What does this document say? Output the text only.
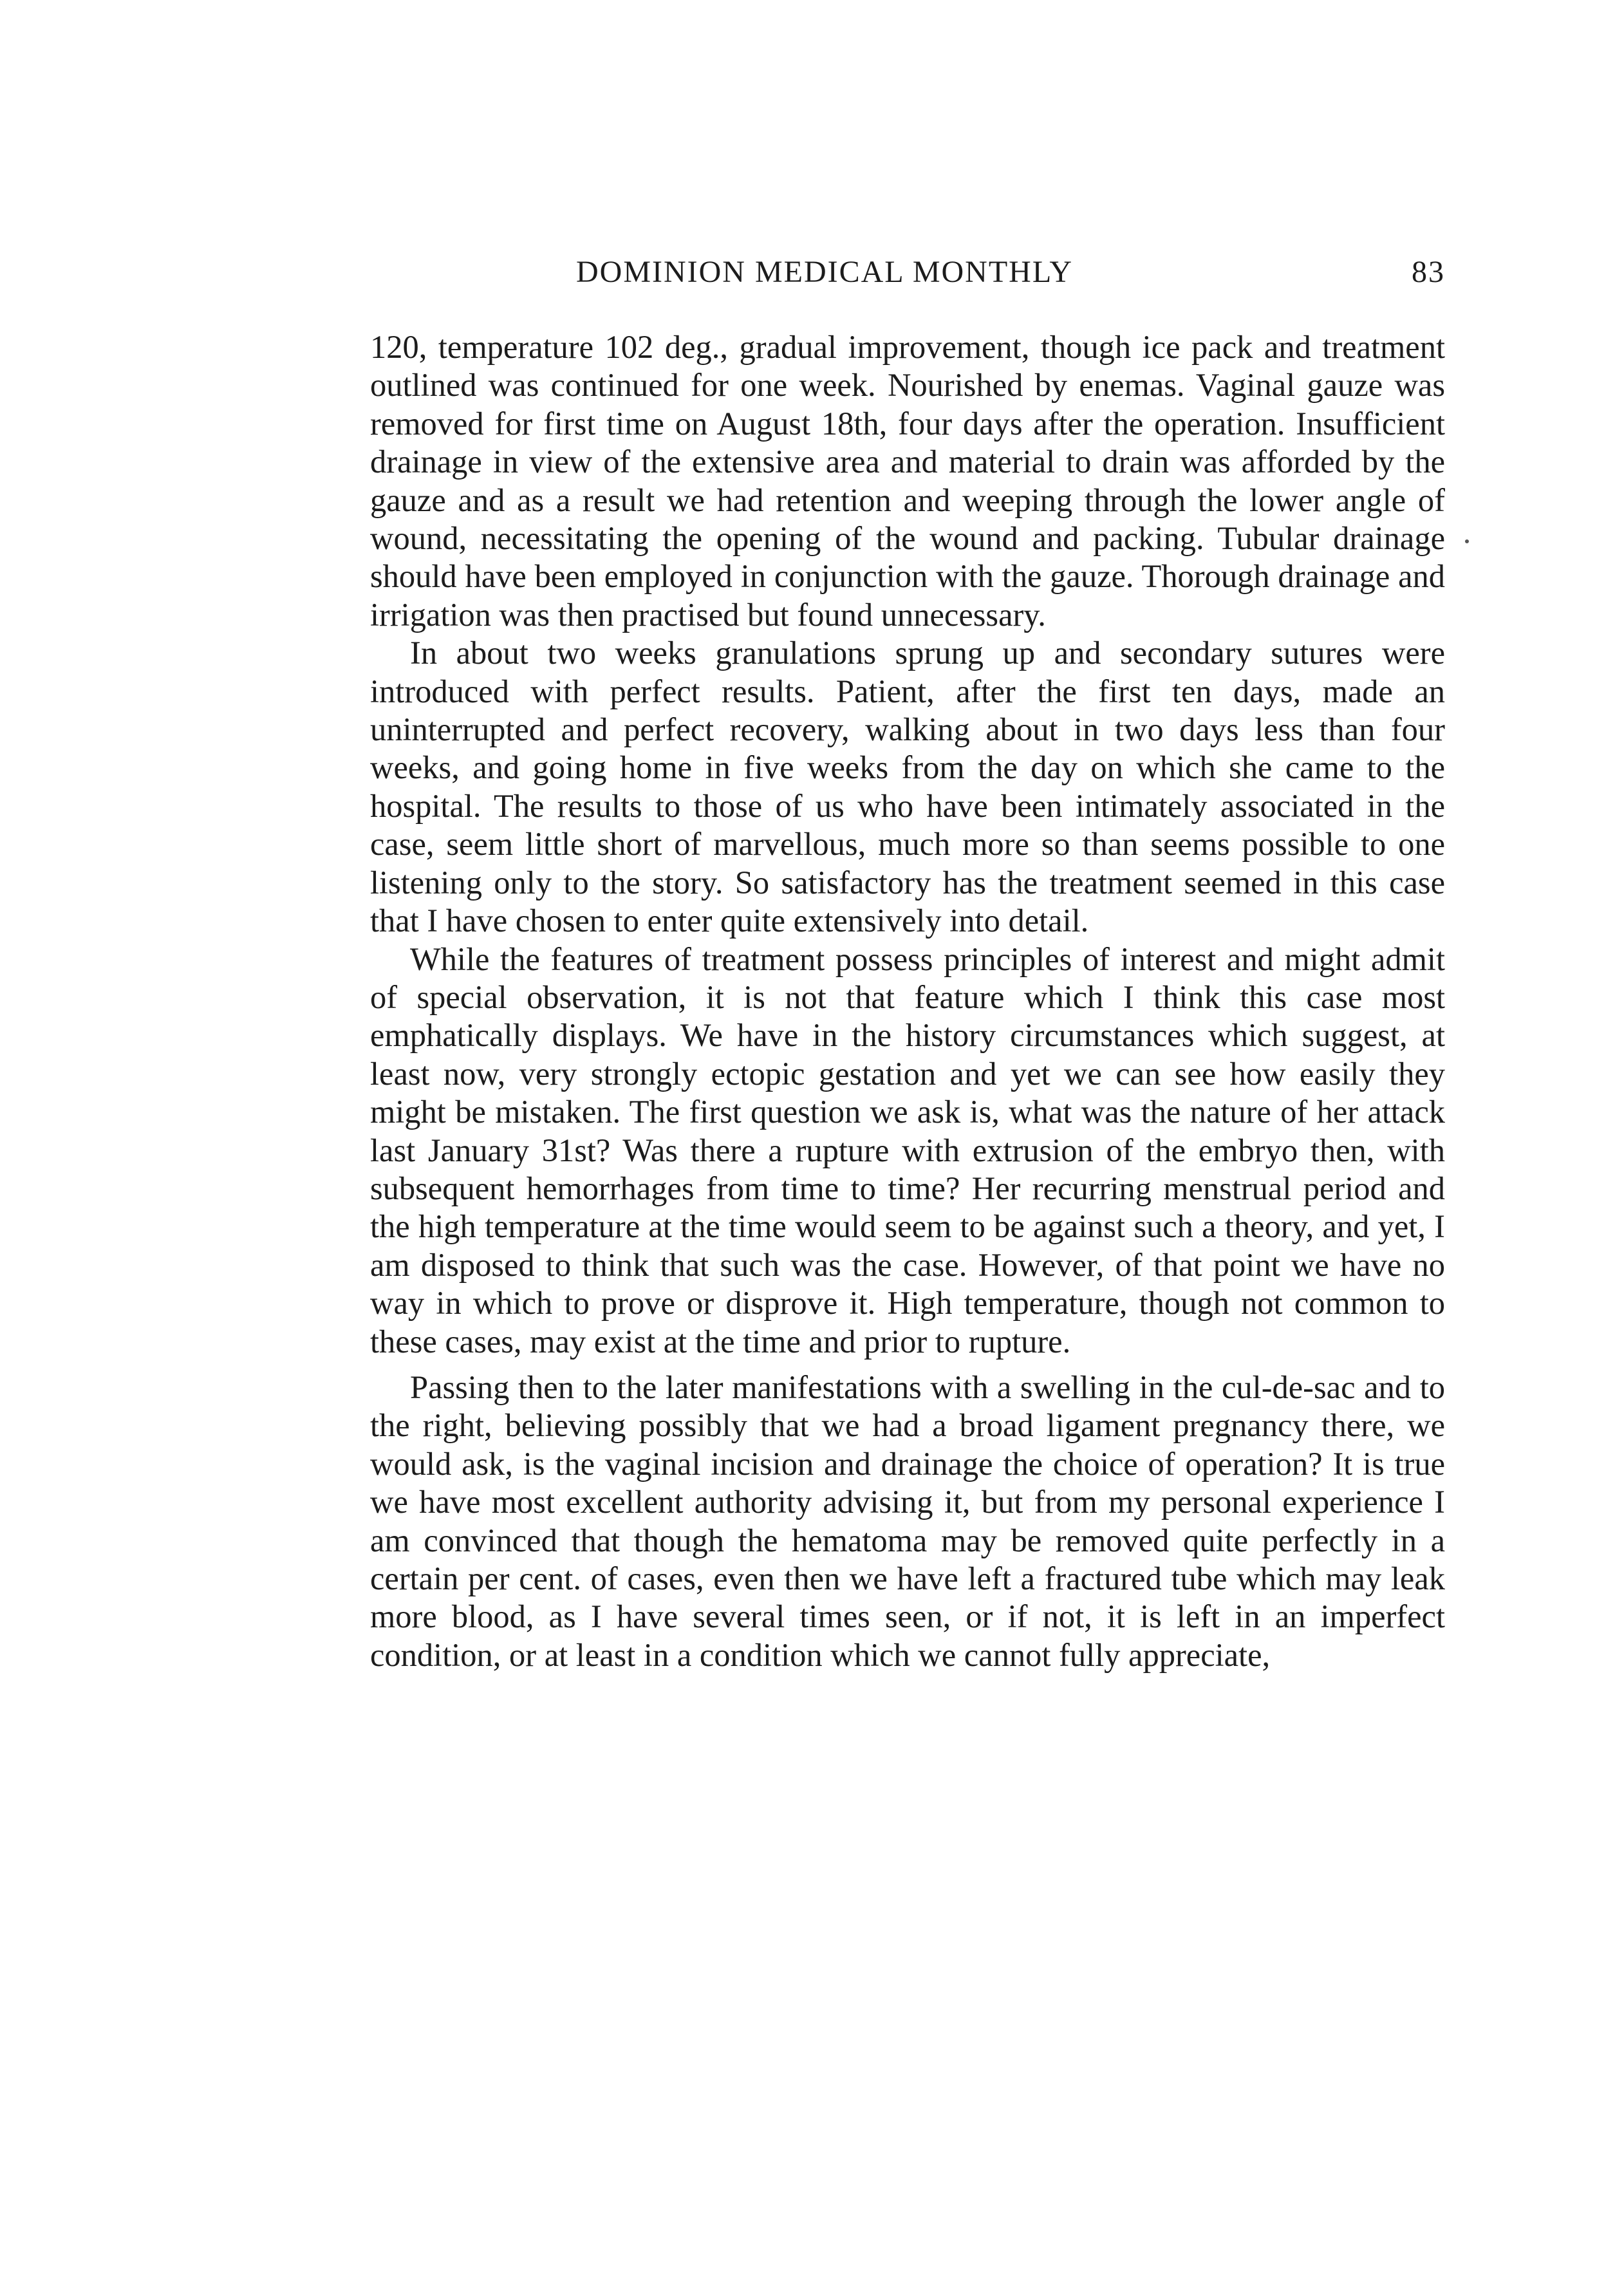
DOMINION MEDICAL MONTHLY	83

120, temperature 102 deg., gradual improvement, though ice pack and treatment outlined was continued for one week. Nourished by enemas. Vaginal gauze was removed for first time on August 18th, four days after the operation. Insufficient drainage in view of the extensive area and material to drain was afforded by the gauze and as a result we had retention and weeping through the lower angle of wound, necessitating the opening of the wound and packing. Tubular drainage should have been employed in conjunction with the gauze. Thorough drainage and irrigation was then practised but found unnecessary.

In about two weeks granulations sprung up and secondary sutures were introduced with perfect results. Patient, after the first ten days, made an uninterrupted and perfect recovery, walking about in two days less than four weeks, and going home in five weeks from the day on which she came to the hospital. The results to those of us who have been intimately associated in the case, seem little short of marvellous, much more so than seems possible to one listening only to the story. So satisfactory has the treatment seemed in this case that I have chosen to enter quite extensively into detail.

While the features of treatment possess principles of interest and might admit of special observation, it is not that feature which I think this case most emphatically displays. We have in the history circumstances which suggest, at least now, very strongly ectopic gestation and yet we can see how easily they might be mistaken. The first question we ask is, what was the nature of her attack last January 31st? Was there a rupture with extrusion of the embryo then, with subsequent hemorrhages from time to time? Her recurring menstrual period and the high temperature at the time would seem to be against such a theory, and yet, I am disposed to think that such was the case. However, of that point we have no way in which to prove or disprove it. High temperature, though not common to these cases, may exist at the time and prior to rupture.

Passing then to the later manifestations with a swelling in the cul-de-sac and to the right, believing possibly that we had a broad ligament pregnancy there, we would ask, is the vaginal incision and drainage the choice of operation? It is true we have most excellent authority advising it, but from my personal experience I am convinced that though the hematoma may be removed quite perfectly in a certain per cent. of cases, even then we have left a fractured tube which may leak more blood, as I have several times seen, or if not, it is left in an imperfect condition, or at least in a condition which we cannot fully appreciate,
